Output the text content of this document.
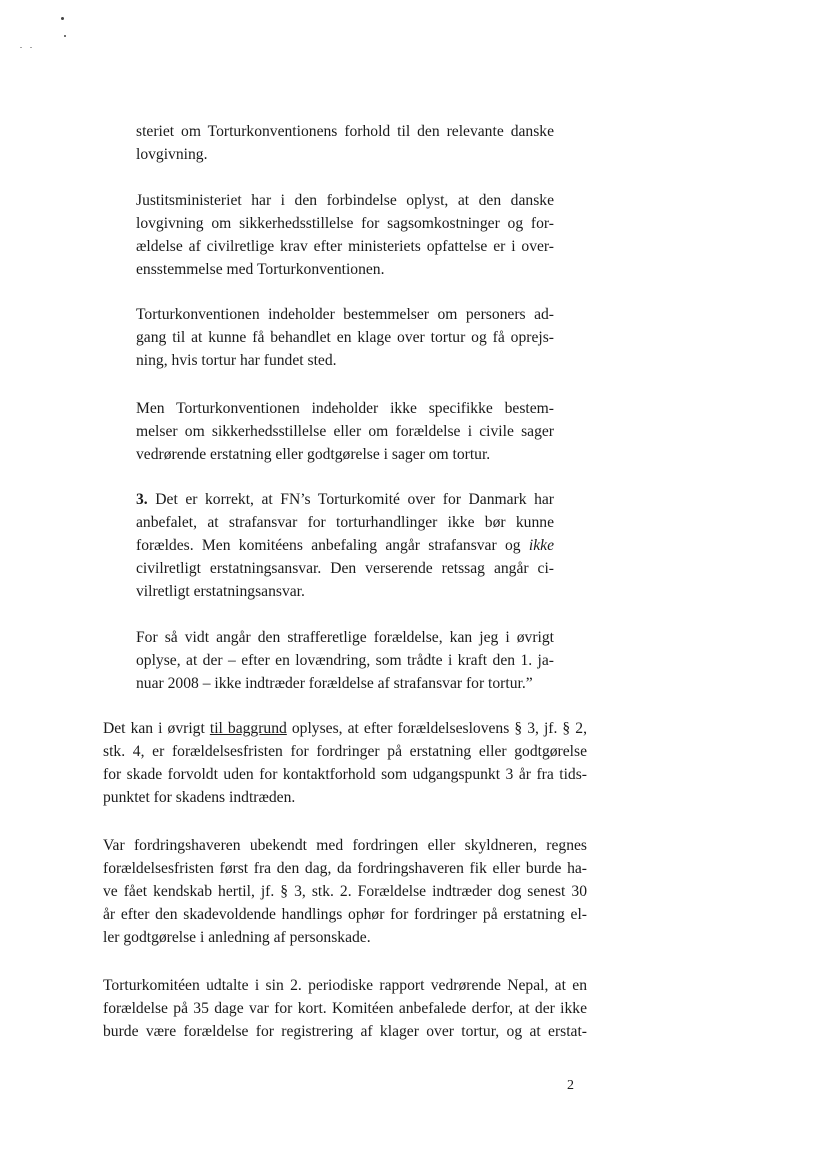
steriet om Torturkonventionens forhold til den relevante danske
lovgivning.
Justitsministeriet har i den forbindelse oplyst, at den danske
lovgivning om sikkerhedsstillelse for sagsomkostninger og for-
ældelse af civilretlige krav efter ministeriets opfattelse er i over-
ensstemmelse med Torturkonventionen.
Torturkonventionen indeholder bestemmelser om personers ad-
gang til at kunne få behandlet en klage over tortur og få oprejs-
ning, hvis tortur har fundet sted.
Men Torturkonventionen indeholder ikke specifikke bestem-
melser om sikkerhedsstillelse eller om forældelse i civile sager
vedrørende erstatning eller godtgørelse i sager om tortur.
3. Det er korrekt, at FN’s Torturkomité over for Danmark har
anbefalet, at strafansvar for torturhandlinger ikke bør kunne
forældes. Men komitéens anbefaling angår strafansvar og ikke
civilretligt erstatningsansvar. Den verserende retssag angår ci-
vilretligt erstatningsansvar.
For så vidt angår den strafferetlige forældelse, kan jeg i øvrigt
oplyse, at der – efter en lovændring, som trådte i kraft den 1. ja-
nuar 2008 – ikke indtræder forældelse af strafansvar for tortur.”
Det kan i øvrigt til baggrund oplyses, at efter forældelseslovens § 3, jf. § 2,
stk. 4, er forældelsesfristen for fordringer på erstatning eller godtgørelse
for skade forvoldt uden for kontaktforhold som udgangspunkt 3 år fra tids-
punktet for skadens indtræden.
Var fordringshaveren ubekendt med fordringen eller skyldneren, regnes
forældelsesfristen først fra den dag, da fordringshaveren fik eller burde ha-
ve fået kendskab hertil, jf. § 3, stk. 2. Forældelse indtræder dog senest 30
år efter den skadevoldende handlings ophør for fordringer på erstatning el-
ler godtgørelse i anledning af personskade.
Torturkomitéen udtalte i sin 2. periodiske rapport vedrørende Nepal, at en
forældelse på 35 dage var for kort. Komitéen anbefalede derfor, at der ikke
burde være forældelse for registrering af klager over tortur, og at erstat-
2
